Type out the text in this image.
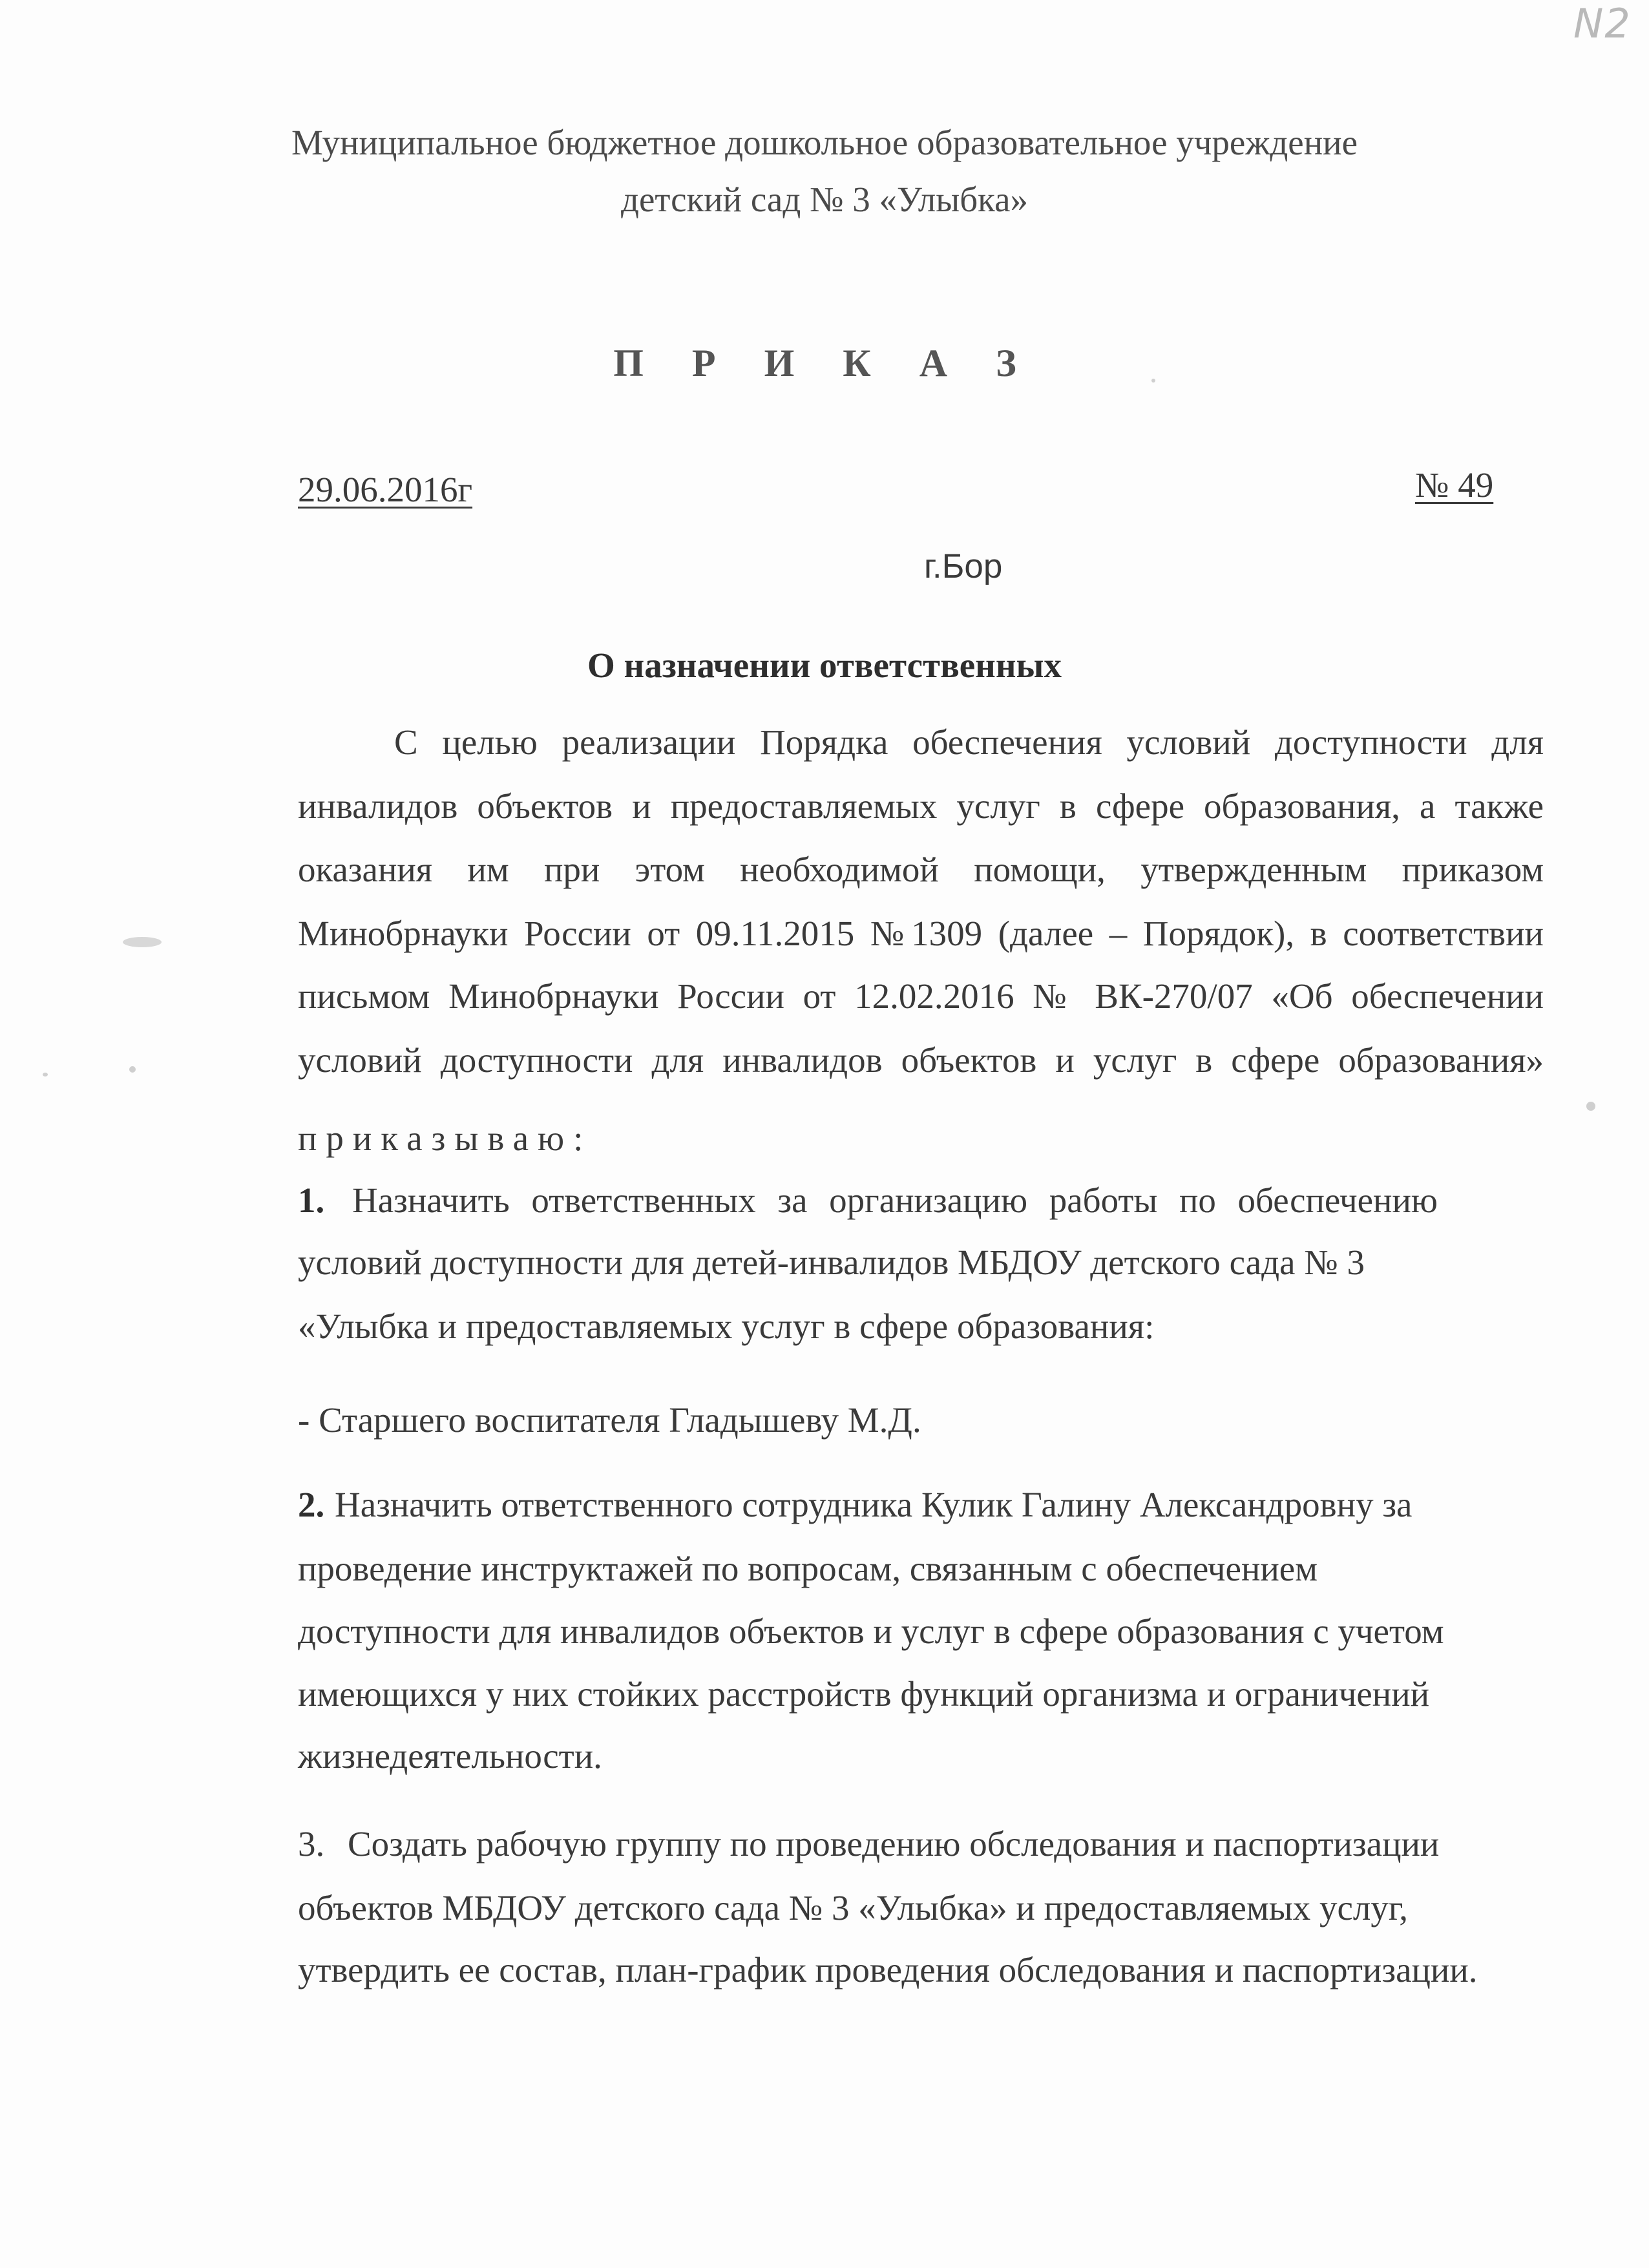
N2
Муниципальное бюджетное дошкольное образовательное учреждение
детский сад № 3 «Улыбка»
П Р И К А З
29.06.2016г	№ 49
г.Бор
О назначении ответственных
С целью реализации Порядка обеспечения условий доступности для
инвалидов объектов и предоставляемых услуг в сфере образования, а также
оказания им при этом необходимой помощи, утвержденным приказом
Минобрнауки России от 09.11.2015 №1309 (далее – Порядок), в соответствии
письмом Минобрнауки России от 12.02.2016 № ВК-270/07 «Об обеспечении
условий доступности для инвалидов объектов и услуг в сфере образования»
приказываю:
1. Назначить ответственных за организацию работы по обеспечению
условий доступности для детей-инвалидов МБДОУ детского сада № 3
«Улыбка и предоставляемых услуг в сфере образования:
- Старшего воспитателя Гладышеву М.Д.
2. Назначить ответственного сотрудника Кулик Галину Александровну за
проведение инструктажей по вопросам, связанным с обеспечением
доступности для инвалидов объектов и услуг в сфере образования с учетом
имеющихся у них стойких расстройств функций организма и ограничений
жизнедеятельности.
3. Создать рабочую группу по проведению обследования и паспортизации
объектов МБДОУ детского сада № 3 «Улыбка» и предоставляемых услуг,
утвердить ее состав, план-график проведения обследования и паспортизации.
